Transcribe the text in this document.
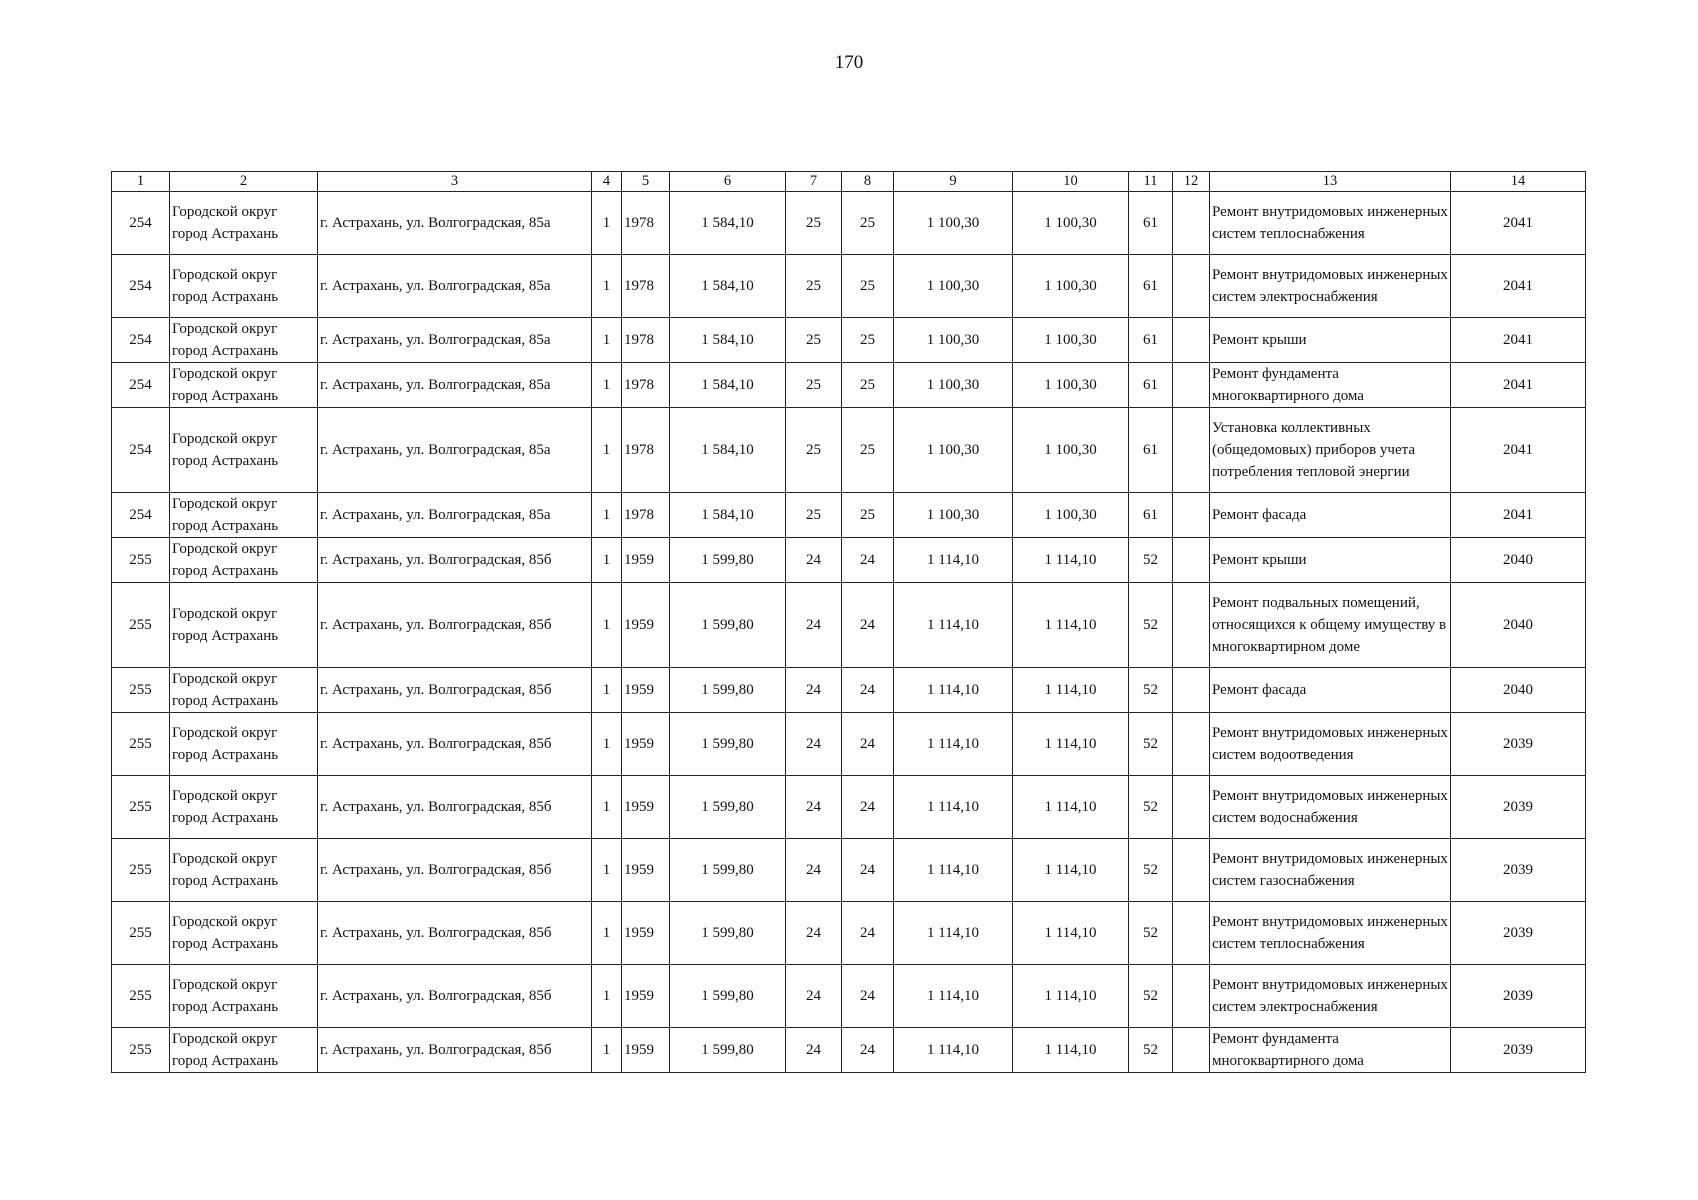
170
1	2	3	4	5	6	7	8	9	10	11	12	13	14
254	Городской округ город Астрахань	г. Астрахань, ул. Волгоградская, 85а	1	1978	1 584,10	25	25	1 100,30	1 100,30	61		Ремонт внутридомовых инженерных систем теплоснабжения	2041
254	Городской округ город Астрахань	г. Астрахань, ул. Волгоградская, 85а	1	1978	1 584,10	25	25	1 100,30	1 100,30	61		Ремонт внутридомовых инженерных систем электроснабжения	2041
254	Городской округ город Астрахань	г. Астрахань, ул. Волгоградская, 85а	1	1978	1 584,10	25	25	1 100,30	1 100,30	61		Ремонт крыши	2041
254	Городской округ город Астрахань	г. Астрахань, ул. Волгоградская, 85а	1	1978	1 584,10	25	25	1 100,30	1 100,30	61		Ремонт фундамента многоквартирного дома	2041
254	Городской округ город Астрахань	г. Астрахань, ул. Волгоградская, 85а	1	1978	1 584,10	25	25	1 100,30	1 100,30	61		Установка коллективных (общедомовых) приборов учета потребления тепловой энергии	2041
254	Городской округ город Астрахань	г. Астрахань, ул. Волгоградская, 85а	1	1978	1 584,10	25	25	1 100,30	1 100,30	61		Ремонт фасада	2041
255	Городской округ город Астрахань	г. Астрахань, ул. Волгоградская, 85б	1	1959	1 599,80	24	24	1 114,10	1 114,10	52		Ремонт крыши	2040
255	Городской округ город Астрахань	г. Астрахань, ул. Волгоградская, 85б	1	1959	1 599,80	24	24	1 114,10	1 114,10	52		Ремонт подвальных помещений, относящихся к общему имуществу в многоквартирном доме	2040
255	Городской округ город Астрахань	г. Астрахань, ул. Волгоградская, 85б	1	1959	1 599,80	24	24	1 114,10	1 114,10	52		Ремонт фасада	2040
255	Городской округ город Астрахань	г. Астрахань, ул. Волгоградская, 85б	1	1959	1 599,80	24	24	1 114,10	1 114,10	52		Ремонт внутридомовых инженерных систем водоотведения	2039
255	Городской округ город Астрахань	г. Астрахань, ул. Волгоградская, 85б	1	1959	1 599,80	24	24	1 114,10	1 114,10	52		Ремонт внутридомовых инженерных систем водоснабжения	2039
255	Городской округ город Астрахань	г. Астрахань, ул. Волгоградская, 85б	1	1959	1 599,80	24	24	1 114,10	1 114,10	52		Ремонт внутридомовых инженерных систем газоснабжения	2039
255	Городской округ город Астрахань	г. Астрахань, ул. Волгоградская, 85б	1	1959	1 599,80	24	24	1 114,10	1 114,10	52		Ремонт внутридомовых инженерных систем теплоснабжения	2039
255	Городской округ город Астрахань	г. Астрахань, ул. Волгоградская, 85б	1	1959	1 599,80	24	24	1 114,10	1 114,10	52		Ремонт внутридомовых инженерных систем электроснабжения	2039
255	Городской округ город Астрахань	г. Астрахань, ул. Волгоградская, 85б	1	1959	1 599,80	24	24	1 114,10	1 114,10	52		Ремонт фундамента многоквартирного дома	2039
